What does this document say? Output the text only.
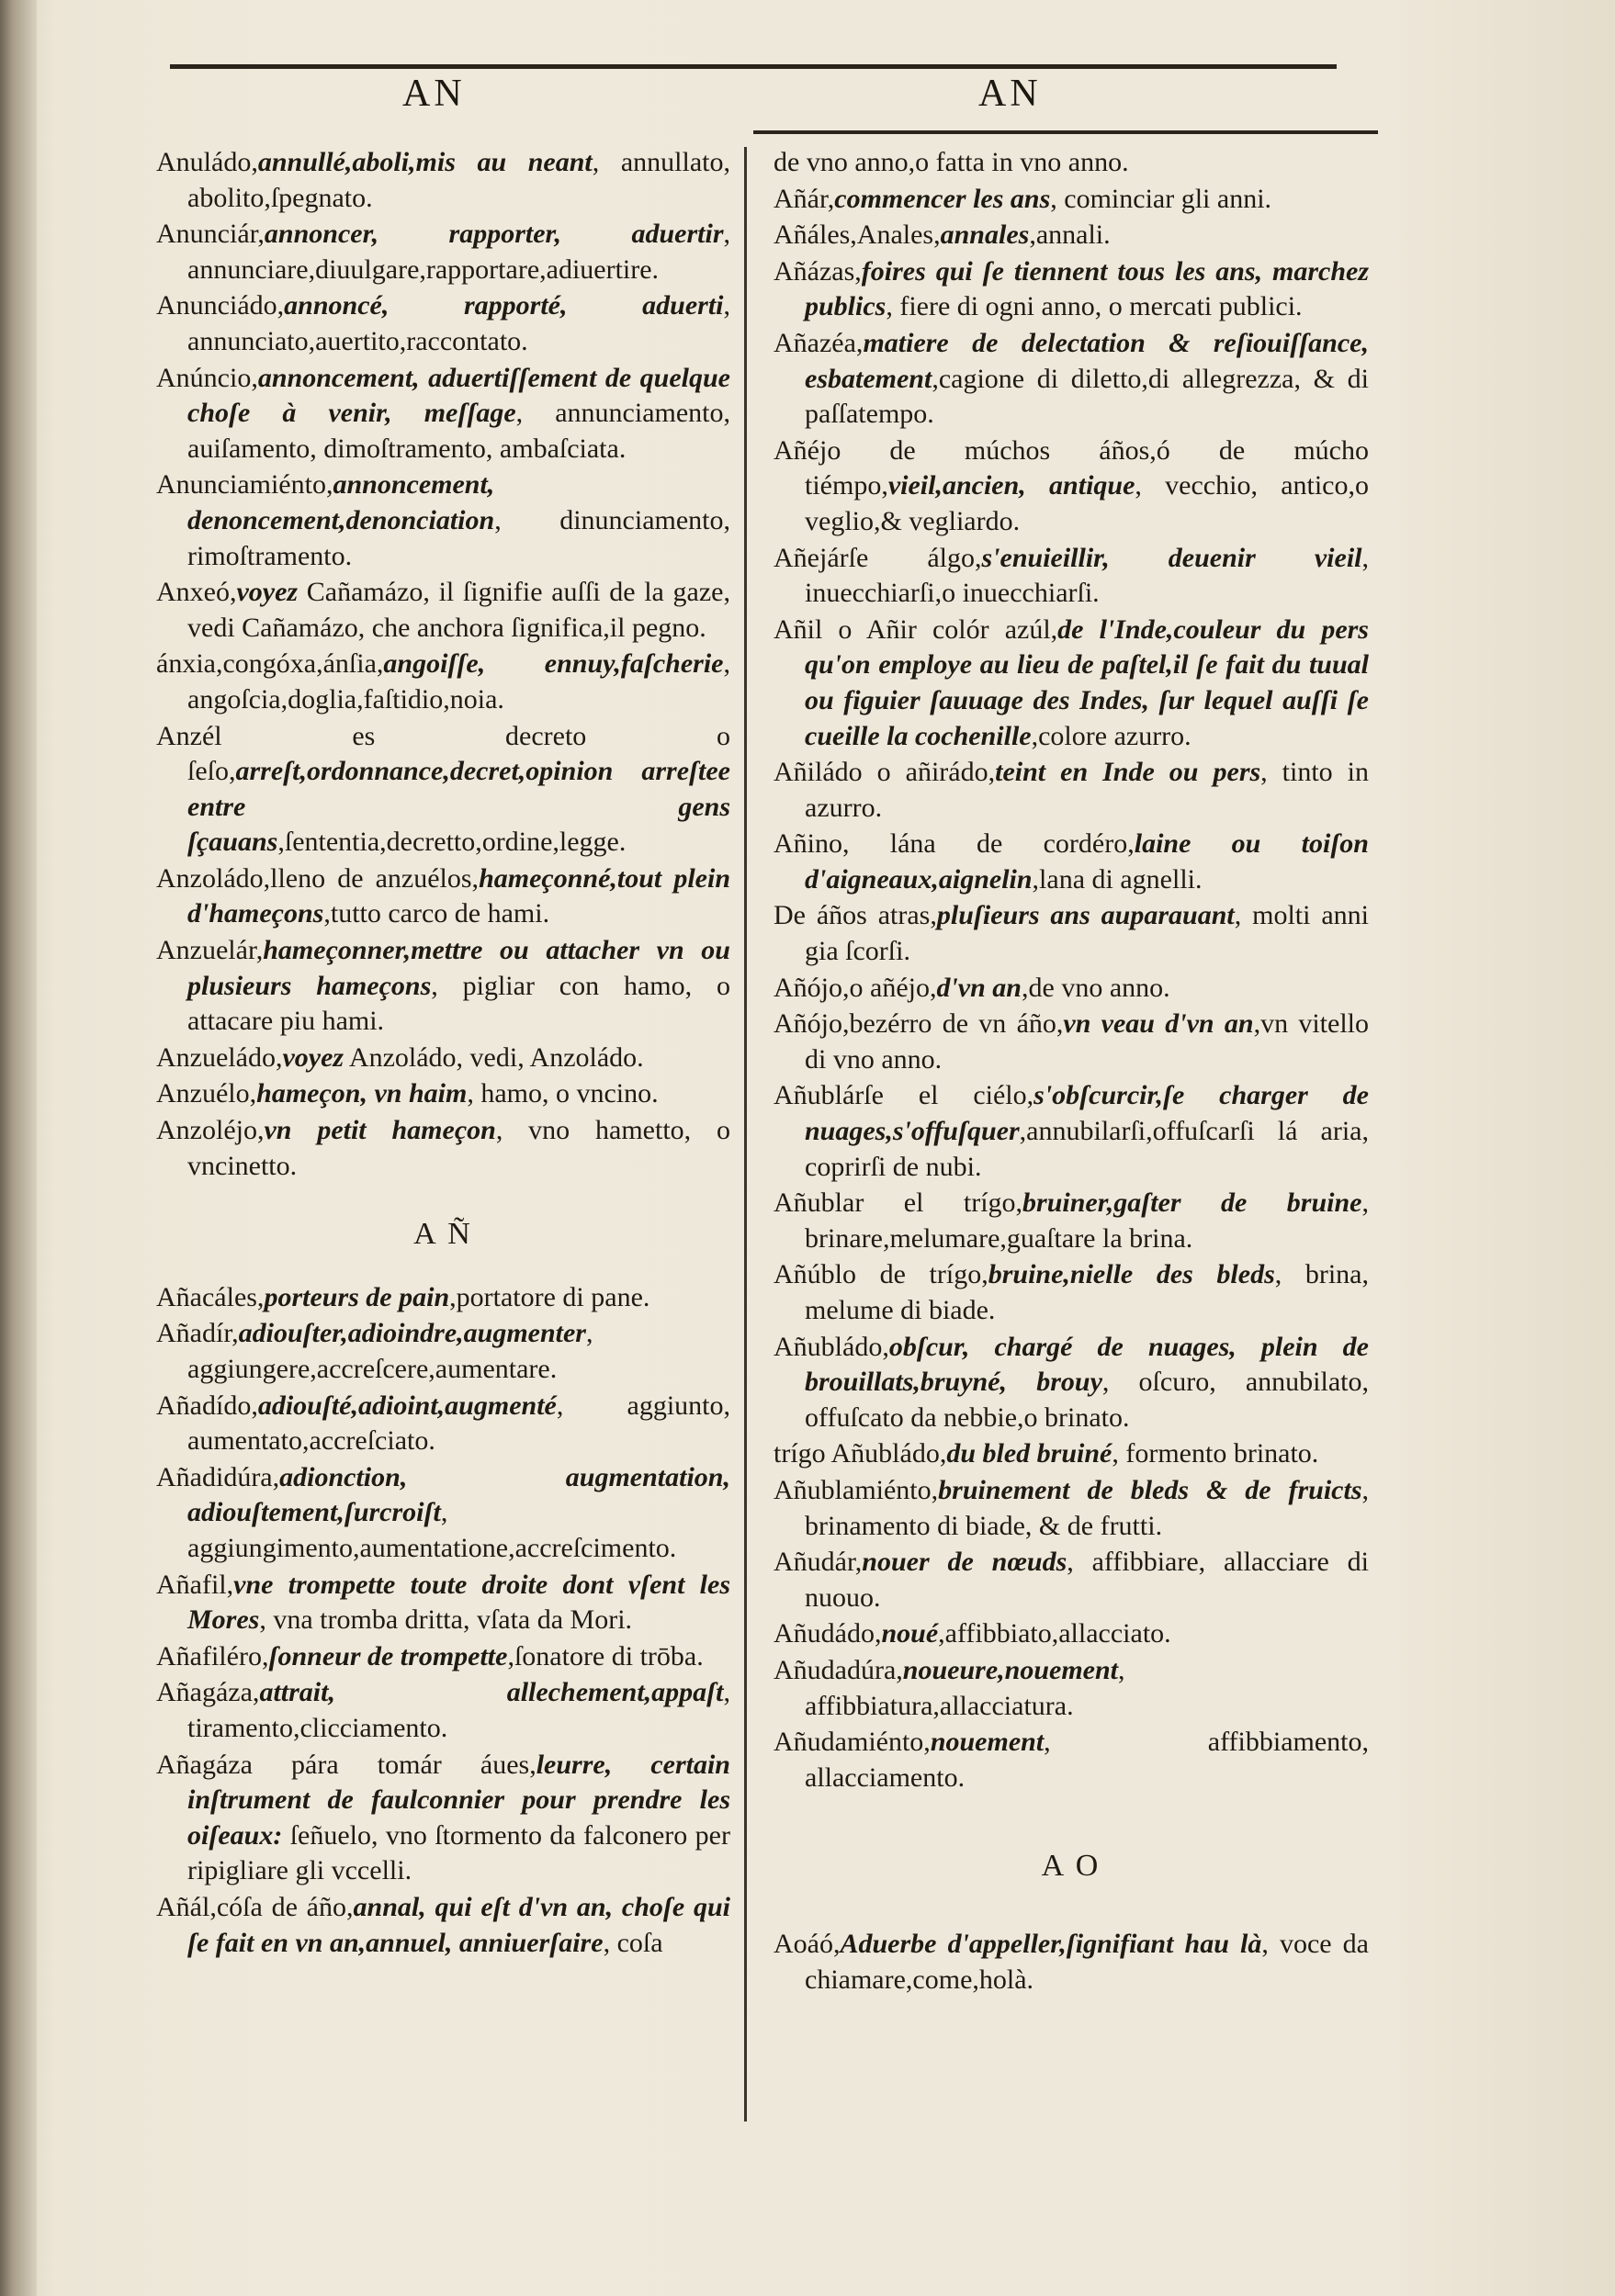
AN	AN

Anuládo,annullé,aboli,mis au neant, annullato, abolito,ſpegnato.

Anunciár,annoncer, rapporter, aduertir, annunciare,diuulgare,rapportare,adiuertire.

Anunciádo,annoncé, rapporté, aduerti, annunciato,auertito,raccontato.

Anúncio,annoncement, aduertiſſement de quelque choſe à venir, meſſage, annunciamento, auiſamento, dimoſtramento, ambaſciata.

Anunciamiénto,annoncement, denoncement,denonciation, dinunciamento, rimoſtramento.

Anxeó,voyez Cañamázo, il ſignifie auſſi de la gaze, vedi Cañamázo, che anchora ſignifica,il pegno.

ánxia,congóxa,ánſia,angoiſſe, ennuy,faſcherie, angoſcia,doglia,faſtidio,noia.

Anzél es decreto o ſeſo,arreſt,ordonnance,decret,opinion arreſtee entre gens ſçauans,ſententia,decretto,ordine,legge.

Anzoládo,lleno de anzuélos,hameçonné,tout plein d'hameçons,tutto carco de hami.

Anzuelár,hameçonner,mettre ou attacher vn ou plusieurs hameçons, pigliar con hamo, o attacare piu hami.

Anzueládo,voyez Anzoládo, vedi, Anzoládo.

Anzuélo,hameçon, vn haim, hamo, o vncino.

Anzoléjo,vn petit hameçon, vno hametto, o vncinetto.

A Ñ

Añacáles,porteurs de pain,portatore di pane.

Añadír,adiouſter,adioindre,augmenter, aggiungere,accreſcere,aumentare.

Añadído,adiouſté,adioint,augmenté, aggiunto, aumentato,accreſciato.

Añadidúra,adionction, augmentation, adiouſtement,ſurcroiſt, aggiungimento,aumentatione,accreſcimento.

Añafil,vne trompette toute droite dont vſent les Mores, vna tromba dritta, vſata da Mori.

Añafiléro,ſonneur de trompette,ſonatore di trōba.

Añagáza,attrait, allechement,appaſt, tiramento,clicciamento.

Añagáza pára tomár áues,leurre, certain inſtrument de faulconnier pour prendre les oiſeaux: ſeñuelo, vno ſtormento da falconero per ripigliare gli vccelli.

Añál,cóſa de áño,annal, qui eſt d'vn an, choſe qui ſe fait en vn an,annuel, anniuerſaire, coſa

de vno anno,o fatta in vno anno.

Añár,commencer les ans, cominciar gli anni.

Añáles,Anales,annales,annali.

Añázas,foires qui ſe tiennent tous les ans, marchez publics, fiere di ogni anno, o mercati publici.

Añazéa,matiere de delectation & reſiouiſſance, esbatement,cagione di diletto,di allegrezza, & di paſſatempo.

Añéjo de múchos áños,ó de múcho tiémpo,vieil,ancien, antique, vecchio, antico,o veglio,& vegliardo.

Añejárſe álgo,s'enuieillir, deuenir vieil, inuecchiarſi,o inuecchiarſi.

Añil o Añir colór azúl,de l'Inde,couleur du pers qu'on employe au lieu de paſtel,il ſe fait du tuual ou figuier ſauuage des Indes, ſur lequel auſſi ſe cueille la cochenille,colore azurro.

Añiládo o añirádo,teint en Inde ou pers, tinto in azurro.

Añino, lána de cordéro,laine ou toiſon d'aigneaux,aignelin,lana di agnelli.

De áños atras,pluſieurs ans auparauant, molti anni gia ſcorſi.

Añójo,o añéjo,d'vn an,de vno anno.

Añójo,bezérro de vn áño,vn veau d'vn an,vn vitello di vno anno.

Añublárſe el ciélo,s'obſcurcir,ſe charger de nuages,s'offuſquer,annubilarſi,offuſcarſi lá aria, coprirſi de nubi.

Añublar el trígo,bruiner,gaſter de bruine, brinare,melumare,guaſtare la brina.

Añúblo de trígo,bruine,nielle des bleds, brina, melume di biade.

Añubládo,obſcur, chargé de nuages, plein de brouillats,bruyné, brouy, oſcuro, annubilato, offuſcato da nebbie,o brinato.

trígo Añubládo,du bled bruiné, formento brinato.

Añublamiénto,bruinement de bleds & de fruicts, brinamento di biade, & de frutti.

Añudár,nouer de nœuds, affibbiare, allacciare di nuouo.

Añudádo,noué,affibbiato,allacciato.

Añudadúra,noueure,nouement, affibbiatura,allacciatura.

Añudamiénto,nouement, affibbiamento, allacciamento.

A O

Aoáó,Aduerbe d'appeller,ſignifiant hau là, voce da chiamare,come,holà.
